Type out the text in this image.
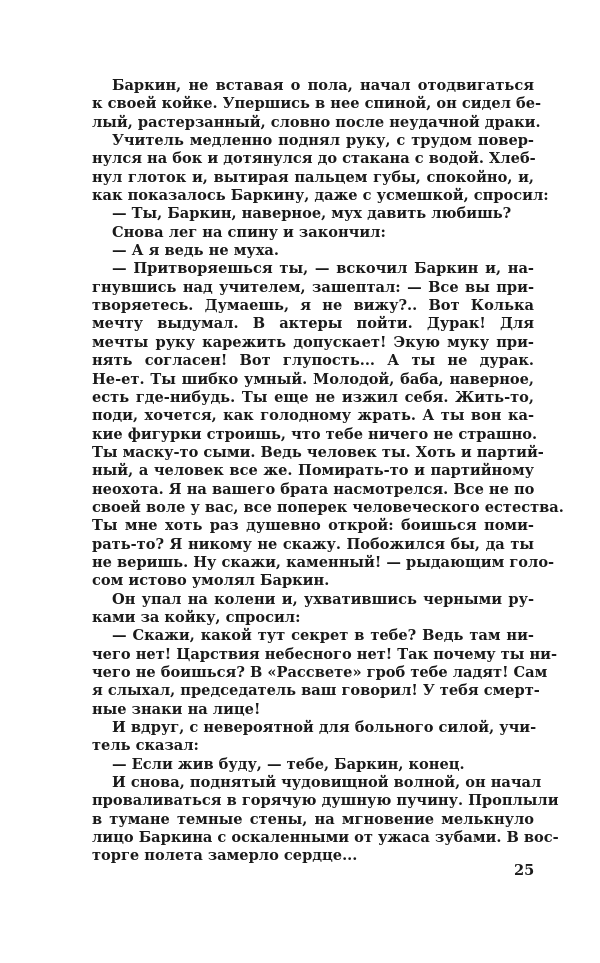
Баркин, не вставая о пола, начал отодвигаться
к своей койке. Упершись в нее спиной, он сидел бе-
лый, растерзанный, словно после неудачной драки.
Учитель медленно поднял руку, с трудом повер-
нулся на бок и дотянулся до стакана с водой. Хлеб-
нул глоток и, вытирая пальцем губы, спокойно, и,
как показалось Баркину, даже с усмешкой, спросил:
— Ты, Баркин, наверное, мух давить любишь?
Снова лег на спину и закончил:
— А я ведь не муха.
— Притворяешься ты, — вскочил Баркин и, на-
гнувшись над учителем, зашептал: — Все вы при-
творяетесь. Думаешь, я не вижу?.. Вот Колька
мечту выдумал. В актеры пойти. Дурак! Для
мечты руку карежить допускает! Экую муку при-
нять согласен! Вот глупость... А ты не дурак.
Не-ет. Ты шибко умный. Молодой, баба, наверное,
есть где-нибудь. Ты еще не изжил себя. Жить-то,
поди, хочется, как голодному жрать. А ты вон ка-
кие фигурки строишь, что тебе ничего не страшно.
Ты маску-то сыми. Ведь человек ты. Хоть и партий-
ный, а человек все же. Помирать-то и партийному
неохота. Я на вашего брата насмотрелся. Все не по
своей воле у вас, все поперек человеческого естества.
Ты мне хоть раз душевно открой: боишься поми-
рать-то? Я никому не скажу. Побожился бы, да ты
не веришь. Ну скажи, каменный! — рыдающим голо-
сом истово умолял Баркин.
Он упал на колени и, ухватившись черными ру-
ками за койку, спросил:
— Скажи, какой тут секрет в тебе? Ведь там ни-
чего нет! Царствия небесного нет! Так почему ты ни-
чего не боишься? В «Рассвете» гроб тебе ладят! Сам
я слыхал, председатель ваш говорил! У тебя смерт-
ные знаки на лице!
И вдруг, с невероятной для больного силой, учи-
тель сказал:
— Если жив буду, — тебе, Баркин, конец.
И снова, поднятый чудовищной волной, он начал
проваливаться в горячую душную пучину. Проплыли
в тумане темные стены, на мгновение мелькнуло
лицо Баркина с оскаленными от ужаса зубами. В вос-
торге полета замерло сердце...
25
